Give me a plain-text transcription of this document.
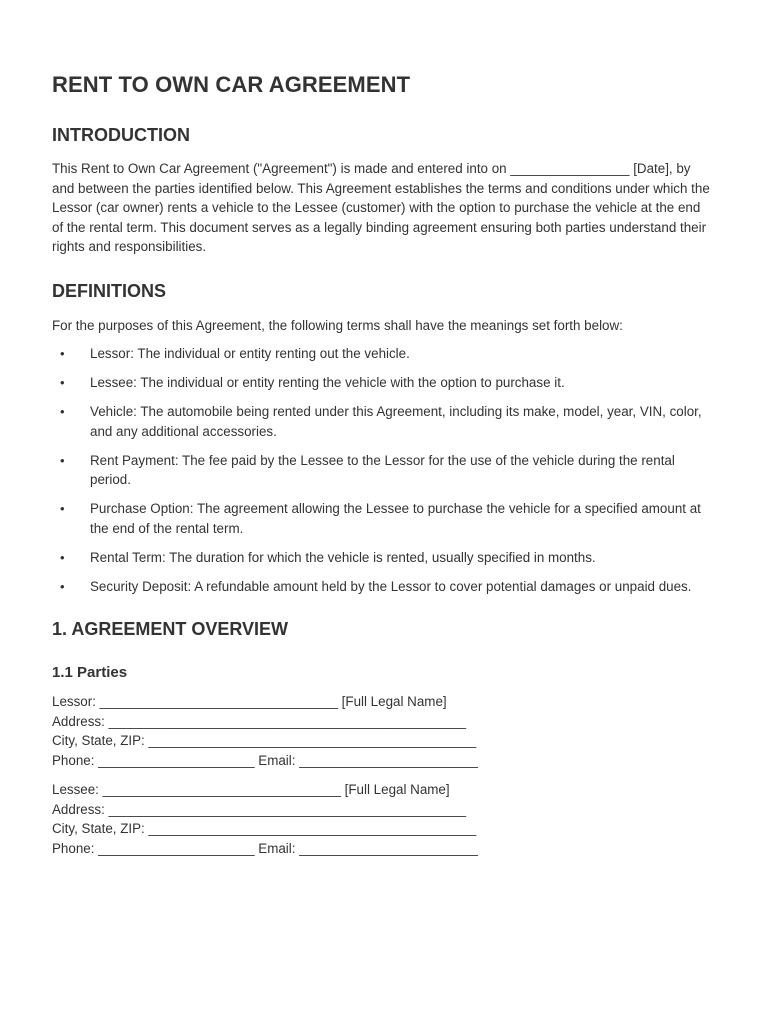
RENT TO OWN CAR AGREEMENT
INTRODUCTION

This Rent to Own Car Agreement ("Agreement") is made and entered into on ________________ [Date], by and between the parties identified below. This Agreement establishes the terms and conditions under which the Lessor (car owner) rents a vehicle to the Lessee (customer) with the option to purchase the vehicle at the end of the rental term. This document serves as a legally binding agreement ensuring both parties understand their rights and responsibilities.

DEFINITIONS

For the purposes of this Agreement, the following terms shall have the meanings set forth below:

• Lessor: The individual or entity renting out the vehicle.
• Lessee: The individual or entity renting the vehicle with the option to purchase it.
• Vehicle: The automobile being rented under this Agreement, including its make, model, year, VIN, color, and any additional accessories.
• Rent Payment: The fee paid by the Lessee to the Lessor for the use of the vehicle during the rental period.
• Purchase Option: The agreement allowing the Lessee to purchase the vehicle for a specified amount at the end of the rental term.
• Rental Term: The duration for which the vehicle is rented, usually specified in months.
• Security Deposit: A refundable amount held by the Lessor to cover potential damages or unpaid dues.
1. AGREEMENT OVERVIEW
1.1 Parties
Lessor: ________________________________ [Full Legal Name]
Address: ________________________________________________
City, State, ZIP: ____________________________________________
Phone: _____________________ Email: ________________________
Lessee: ________________________________ [Full Legal Name]
Address: ________________________________________________
City, State, ZIP: ____________________________________________
Phone: _____________________ Email: ________________________
